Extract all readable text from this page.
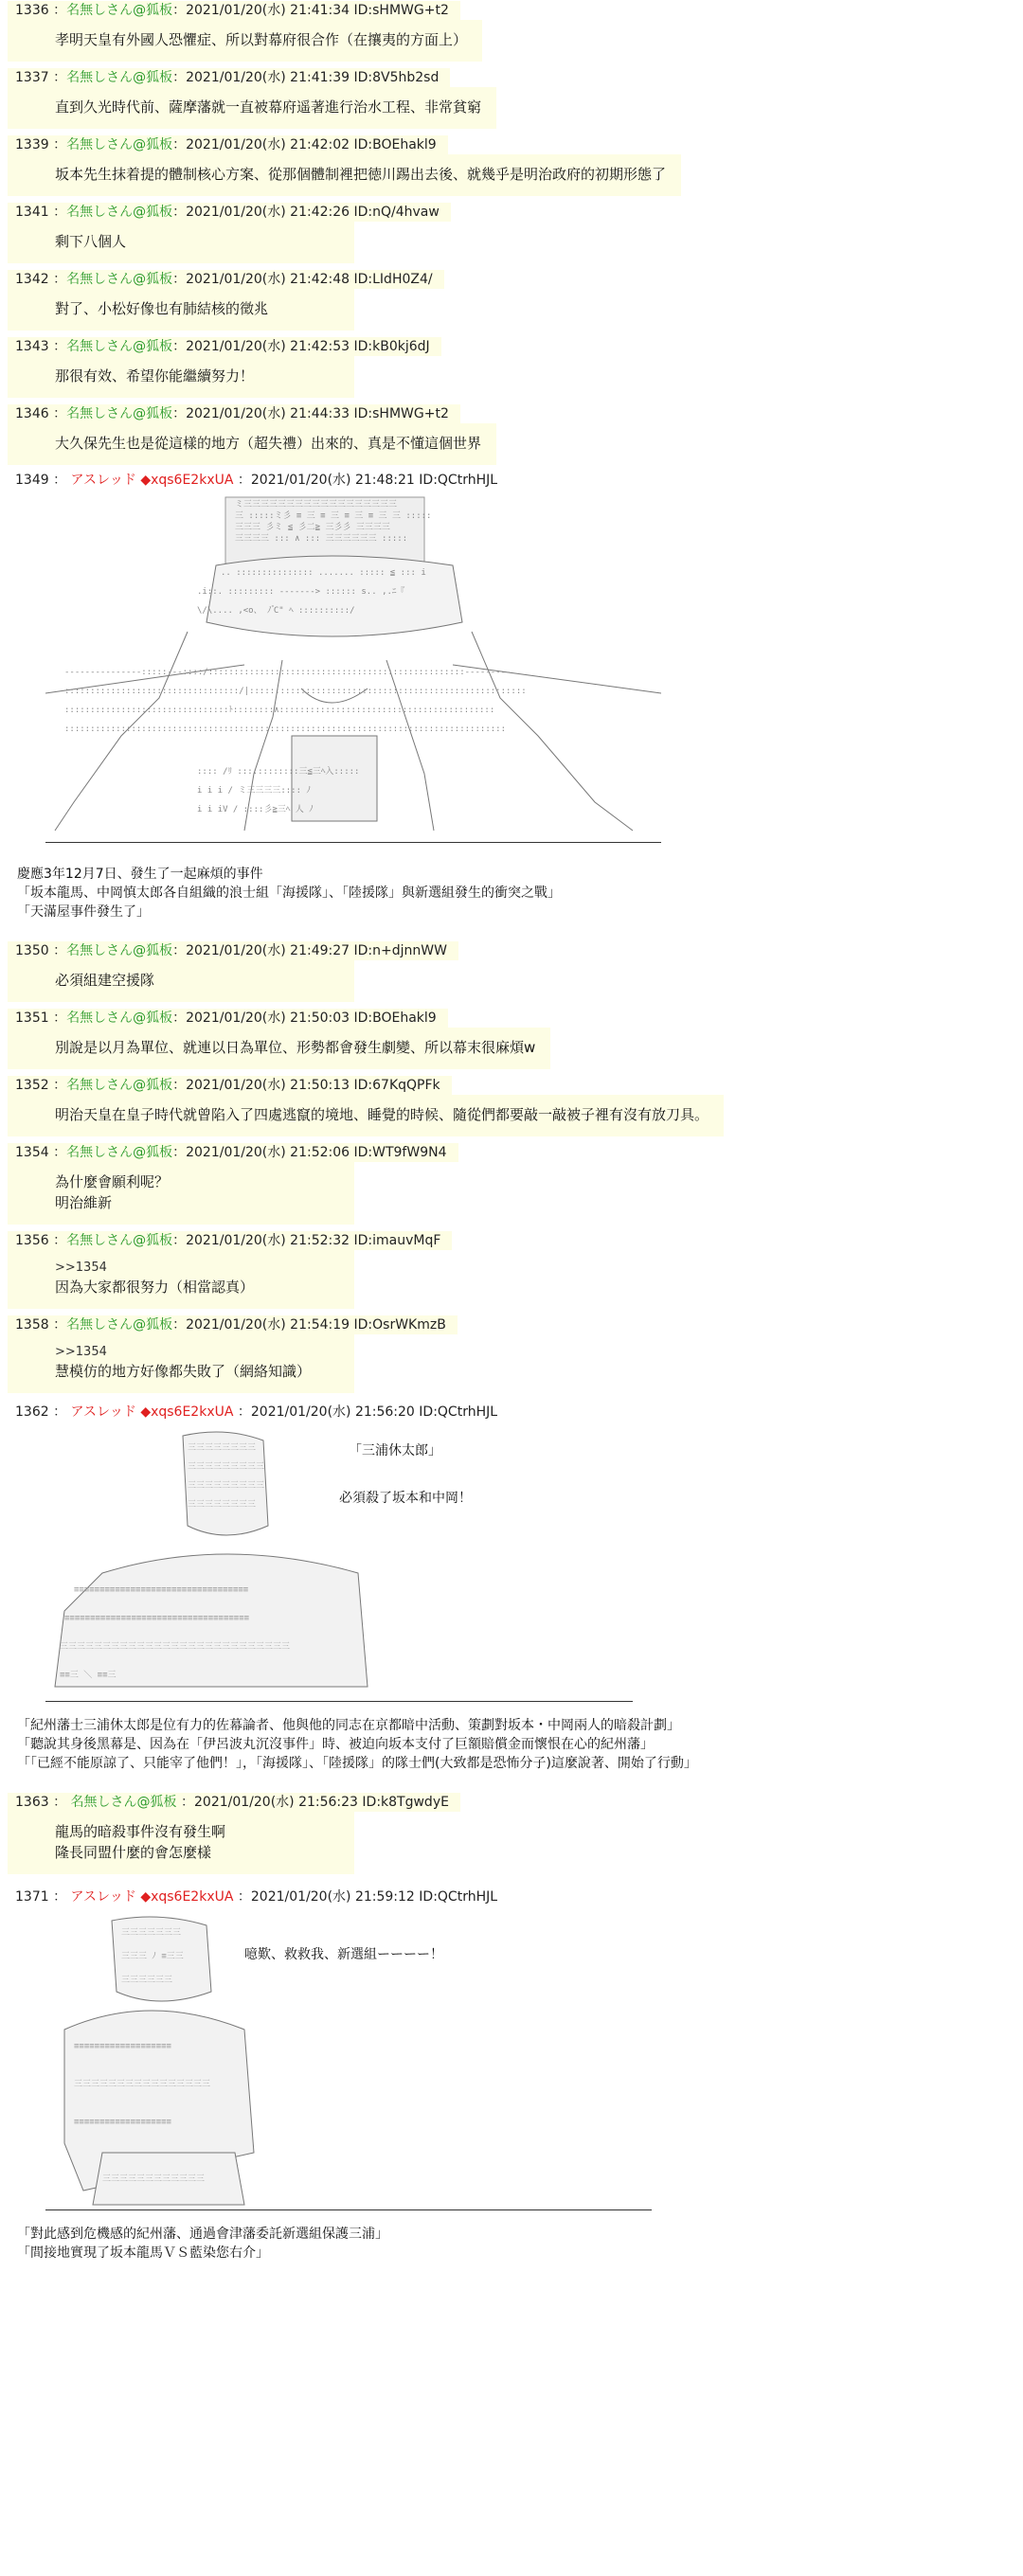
1336 ：名無しさん@狐板：2021/01/20(水) 21:41:34 ID:sHMWG+t2

孝明天皇有外國人恐懼症、所以對幕府很合作（在攘夷的方面上）
1337 ：名無しさん@狐板：2021/01/20(水) 21:41:39 ID:8V5hb2sd

直到久光時代前、薩摩藩就一直被幕府遥著進行治水工程、非常貧窮
1339 ：名無しさん@狐板：2021/01/20(水) 21:42:02 ID:BOEhakl9

坂本先生抹着提的體制核心方案、從那個體制裡把徳川踢出去後、就幾乎是明治政府的初期形態了
1341 ：名無しさん@狐板：2021/01/20(水) 21:42:26 ID:nQ/4hvaw

剩下八個人
1342 ：名無しさん@狐板：2021/01/20(水) 21:42:48 ID:LIdH0Z4/

對了、小松好像也有肺結核的徵兆
1343 ：名無しさん@狐板：2021/01/20(水) 21:42:53 ID:kB0kj6dJ

那很有效、希望你能繼續努力！
1346 ：名無しさん@狐板：2021/01/20(水) 21:44:33 ID:sHMWG+t2

大久保先生也是從這樣的地方（超失禮）出來的、真是不懂這個世界
1349 ： アスレッド ◆xqs6E2kxUA ：2021/01/20(水) 21:48:21 ID:QCtrhHJL
ミ三三三三三三三三三三三三三三三三三三
三 :::::ミ彡 ≡ 三 ≡ 三 ≡ 三 ≡ 三 三 :::::
三三三 彡ミ ≦ 彡二≧ 三彡彡 三三三三
三三三三 ::: ∧ ::: 三三三三三三 :::::
.. ::::::::::::::: ....... ::::: ≦ ::: i
.i::. ::::::::: -------> :::::: s.. ,.ﾆ『
\/\.... ,<o、 ﾉ ゚C" ﾍ ::::::::::/
---------------:::::---::::/::::::::::::::::::::::::::::::::::::::::::::::::::---------
::::::::::::::::::::::::::::::::::/|::::::::::::::::::::::::::::::::::::::::::::::::::::::
::::::::::::::::::::::::::::::::ﾄ::::::::∧::::::::::::::::::::::::::::::::::::::::::
::::::::::::::::::::::::::::::::::::::::::::::::::::::::::::::::::::::::::::::::::::::
:::: /ﾘ ::::::::::::三≦三ﾍ入:::::
i i i / ミ三三三三:::: ﾉ
i i iV / ::::彡≧三ﾍ 人 ﾉ
慶應3年12月7日、發生了一起麻煩的事件
「坂本龍馬、中岡慎太郎各自組織的浪士組「海援隊」、「陸援隊」與新選組發生的衝突之戰」
「天滿屋事件發生了」
1350 ：名無しさん@狐板：2021/01/20(水) 21:49:27 ID:n+djnnWW

必須組建空援隊
1351 ：名無しさん@狐板：2021/01/20(水) 21:50:03 ID:BOEhakl9

別說是以月為單位、就連以日為單位、形勢都會發生劇變、所以幕末很麻煩w
1352 ：名無しさん@狐板：2021/01/20(水) 21:50:13 ID:67KqQPFk

明治天皇在皇子時代就曾陷入了四處逃竄的境地、睡覺的時候、隨從們都要敲一敲被子裡有沒有放刀具。
1354 ：名無しさん@狐板：2021/01/20(水) 21:52:06 ID:WT9fW9N4

為什麼會願利呢？
明治維新
1356 ：名無しさん@狐板：2021/01/20(水) 21:52:32 ID:imauvMqF

>>1354
因為大家都很努力（相當認真）
1358 ：名無しさん@狐板：2021/01/20(水) 21:54:19 ID:OsrWKmzB

>>1354
慧模仿的地方好像都失敗了（網絡知識）
1362 ： アスレッド ◆xqs6E2kxUA ：2021/01/20(水) 21:56:20 ID:QCtrhHJL
三三三三三三三三
三三三三三三三三三
三三三三三三三三三
三三三三三三三三
≡≡≡≡≡≡≡≡≡≡≡≡≡≡≡≡≡≡≡≡≡≡≡≡≡≡≡≡≡≡≡≡≡≡
≡≡≡≡≡≡≡≡≡≡≡≡≡≡≡≡≡≡≡≡≡≡≡≡≡≡≡≡≡≡≡≡≡≡≡≡
三三三三三三三三三三三三三三三三三三三三三三三三三三三
≡≡三 ＼ ≡≡三
「三浦休太郎」
必須殺了坂本和中岡！
「紀州藩士三浦休太郎是位有力的佐幕論者、他與他的同志在京都暗中活動、策劃對坂本・中岡兩人的暗殺計劃」
「聽說其身後黑幕是、因為在「伊呂波丸沉沒事件」時、被迫向坂本支付了巨額賠償金而懷恨在心的紀州藩」
「「已經不能原諒了、只能宰了他們！」，「海援隊」、「陸援隊」的隊士們(大致都是恐怖分子)這麼說著、開始了行動」
1363 ： 名無しさん@狐板 ：2021/01/20(水) 21:56:23 ID:k8TgwdyE

龍馬的暗殺事件沒有發生啊
隆長同盟什麼的會怎麼樣
1371 ： アスレッド ◆xqs6E2kxUA ：2021/01/20(水) 21:59:12 ID:QCtrhHJL
三三三三三三三
三三三 ﾉ ≡三三
三三三三三三
≡≡≡≡≡≡≡≡≡≡≡≡≡≡≡≡≡≡≡
三三三三三三三三三三三三三三三三
≡≡≡≡≡≡≡≡≡≡≡≡≡≡≡≡≡≡≡
三三三三三三三三三三三三
噫歎、救救我、新選組ーーーー！
「對此感到危機感的紀州藩、通過會津藩委託新選組保護三浦」
「間接地實現了坂本龍馬ＶＳ藍染您右介」
